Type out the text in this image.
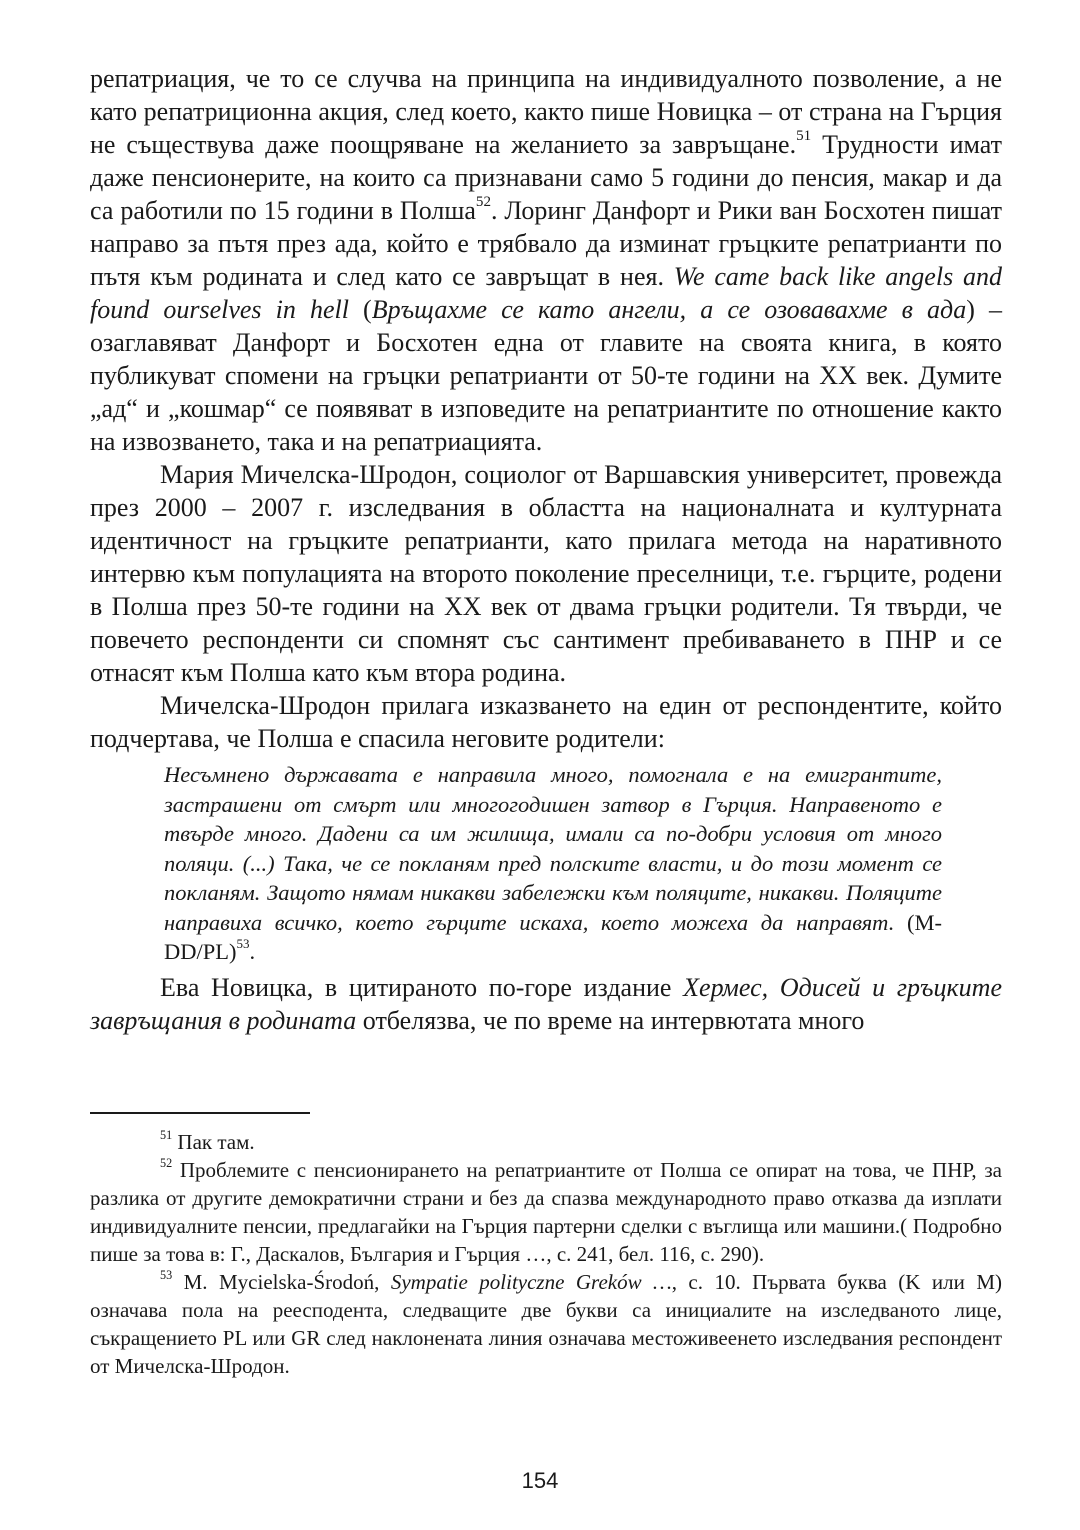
репатриация, че то се случва на принципа на индивидуалното позволение, а не като репатриционна акция, след което, както пише Новицка – от страна на Гърция не съществува даже поощряване на желанието за завръщане.$^{51}$ Трудности имат даже пенсионерите, на които са признавани само 5 години до пенсия, макар и да са работили по 15 години в Полша$^{52}$. Лоринг Данфорт и Рики ван Босхотен пишат направо за пътя през ада, който е трябвало да изминат гръцките репатрианти по пътя към родината и след като се завръщат в нея. We came back like angels and found ourselves in hell (Връщахме се като ангели, а се озовавахме в ада) – озаглавяват Данфорт и Босхотен една от главите на своята книга, в която публикуват спомени на гръцки репатрианти от 50-те години на ХХ век. Думите „ад“ и „кошмар“ се появяват в изповедите на репатриантите по отношение както на извозването, така и на репатриацията.

Мария Мичелска-Шродон, социолог от Варшавския университет, провежда през 2000 – 2007 г. изследвания в областта на националната и културната идентичност на гръцките репатрианти, като прилага метода на наративното интервю към популацията на второто поколение преселници, т.е. гърците, родени в Полша през 50-те години на ХХ век от двама гръцки родители. Тя твърди, че повечето респонденти си спомнят със сантимент пребиваването в ПНР и се отнасят към Полша като към втора родина.

Мичелска-Шродон прилага изказването на един от респондентите, който подчертава, че Полша е спасила неговите родители:

Несъмнено държавата е направила много, помогнала е на емигрантите, застрашени от смърт или многогодишен затвор в Гърция. Направеното е твърде много. Дадени са им жилища, имали са по-добри условия от много поляци. (...) Така, че се покланям пред полските власти, и до този момент се покланям. Защото нямам никакви забележки към поляците, никакви. Поляците направиха всичко, което гърците искаха, което можеха да направят. $(M-DD/PL)^{53}$.

Ева Новицка, в цитираното по-горе издание Хермес, Одисей и гръцките завръщания в родината отбелязва, че по време на интервютата много

$^{51}$ Пак там.

$^{52}$ Проблемите с пенсионирането на репатриантите от Полша се опират на това, че ПНР, за разлика от другите демократични страни и без да спазва международното право отказва да изплати индивидуалните пенсии, предлагайки на Гърция партерни сделки с въглища или машини.( Подробно пише за това в: Г., Даскалов, България и Гърция …, с. 241, бел. 116, с. 290).

$^{53}$ M. Mycielska-Środoń, Sympatie polityczne Greków …, с. 10. Първата буква (K или M) означава пола на реесподента, следващите две букви са инициалите на изследваното лице, съкращението PL или GR след наклонената линия означава местоживеенето изследвания респондент от Мичелска-Шродон.

154
